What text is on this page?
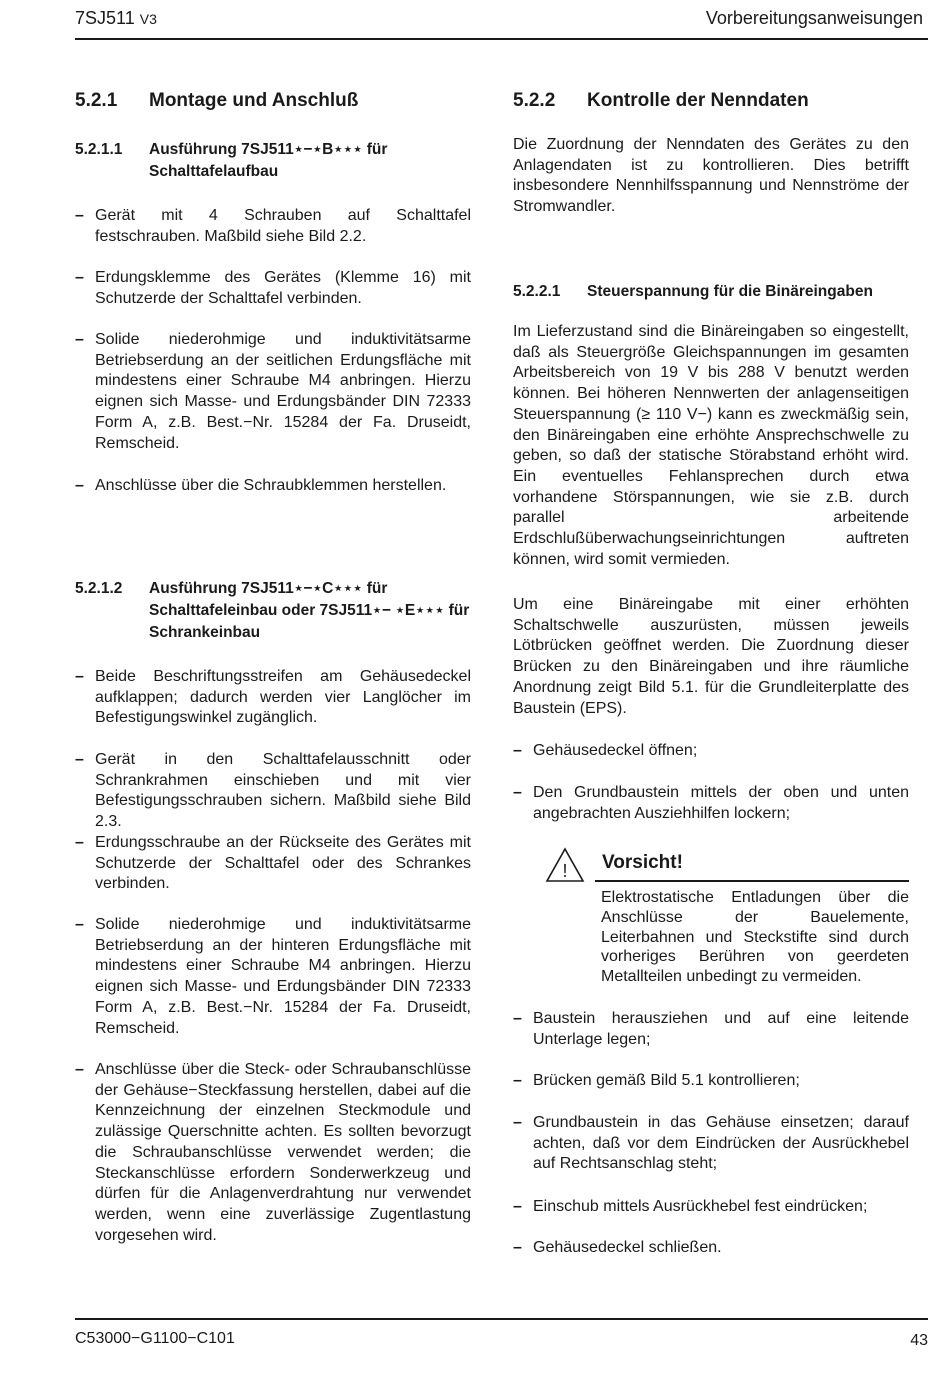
7SJ511 V3	Vorbereitungsanweisungen
5.2.1	Montage und Anschluß
5.2.1.1	Ausführung 7SJ511⋆−⋆B⋆⋆⋆ für Schalttafelaufbau
– Gerät mit 4 Schrauben auf Schalttafel festschrauben. Maßbild siehe Bild 2.2.
– Erdungsklemme des Gerätes (Klemme 16) mit Schutzerde der Schalttafel verbinden.
– Solide niederohmige und induktivitätsarme Betriebserdung an der seitlichen Erdungsfläche mit mindestens einer Schraube M4 anbringen. Hierzu eignen sich Masse- und Erdungsbänder DIN 72333 Form A, z.B. Best.−Nr. 15284 der Fa. Druseidt, Remscheid.
– Anschlüsse über die Schraubklemmen herstellen.
5.2.1.2	Ausführung 7SJ511⋆−⋆C⋆⋆⋆ für Schalttafeleinbau oder 7SJ511⋆− ⋆E⋆⋆⋆ für Schrankeinbau
– Beide Beschriftungsstreifen am Gehäusedeckel aufklappen; dadurch werden vier Langlöcher im Befestigungswinkel zugänglich.
– Gerät in den Schalttafelausschnitt oder Schrankrahmen einschieben und mit vier Befestigungsschrauben sichern. Maßbild siehe Bild 2.3.
– Erdungsschraube an der Rückseite des Gerätes mit Schutzerde der Schalttafel oder des Schrankes verbinden.
– Solide niederohmige und induktivitätsarme Betriebserdung an der hinteren Erdungsfläche mit mindestens einer Schraube M4 anbringen. Hierzu eignen sich Masse- und Erdungsbänder DIN 72333 Form A, z.B. Best.−Nr. 15284 der Fa. Druseidt, Remscheid.
– Anschlüsse über die Steck- oder Schraubanschlüsse der Gehäuse−Steckfassung herstellen, dabei auf die Kennzeichnung der einzelnen Steckmodule und zulässige Querschnitte achten. Es sollten bevorzugt die Schraubanschlüsse verwendet werden; die Steckanschlüsse erfordern Sonderwerkzeug und dürfen für die Anlagenverdrahtung nur verwendet werden, wenn eine zuverlässige Zugentlastung vorgesehen wird.
5.2.2	Kontrolle der Nenndaten

Die Zuordnung der Nenndaten des Gerätes zu den Anlagendaten ist zu kontrollieren. Dies betrifft insbesondere Nennhilfsspannung und Nennströme der Stromwandler.

5.2.2.1	Steuerspannung für die Binäreingaben

Im Lieferzustand sind die Binäreingaben so eingestellt, daß als Steuergröße Gleichspannungen im gesamten Arbeitsbereich von 19 V bis 288 V benutzt werden können. Bei höheren Nennwerten der anlagenseitigen Steuerspannung (≥ 110 V−) kann es zweckmäßig sein, den Binäreingaben eine erhöhte Ansprechschwelle zu geben, so daß der statische Störabstand erhöht wird. Ein eventuelles Fehlansprechen durch etwa vorhandene Störspannungen, wie sie z.B. durch parallel arbeitende Erdschlußüberwachungseinrichtungen auftreten können, wird somit vermieden.

Um eine Binäreingabe mit einer erhöhten Schaltschwelle auszurüsten, müssen jeweils Lötbrücken geöffnet werden. Die Zuordnung dieser Brücken zu den Binäreingaben und ihre räumliche Anordnung zeigt Bild 5.1. für die Grundleiterplatte des Baustein (EPS).

– Gehäusedeckel öffnen;
– Den Grundbaustein mittels der oben und unten angebrachten Ausziehhilfen lockern;
! Vorsicht!
Elektrostatische Entladungen über die Anschlüsse der Bauelemente, Leiterbahnen und Steckstifte sind durch vorheriges Berühren von geerdeten Metallteilen unbedingt zu vermeiden.
– Baustein herausziehen und auf eine leitende Unterlage legen;
– Brücken gemäß Bild 5.1 kontrollieren;
– Grundbaustein in das Gehäuse einsetzen; darauf achten, daß vor dem Eindrücken der Ausrückhebel auf Rechtsanschlag steht;
– Einschub mittels Ausrückhebel fest eindrücken;
– Gehäusedeckel schließen.
C53000−G1100−C101	43
